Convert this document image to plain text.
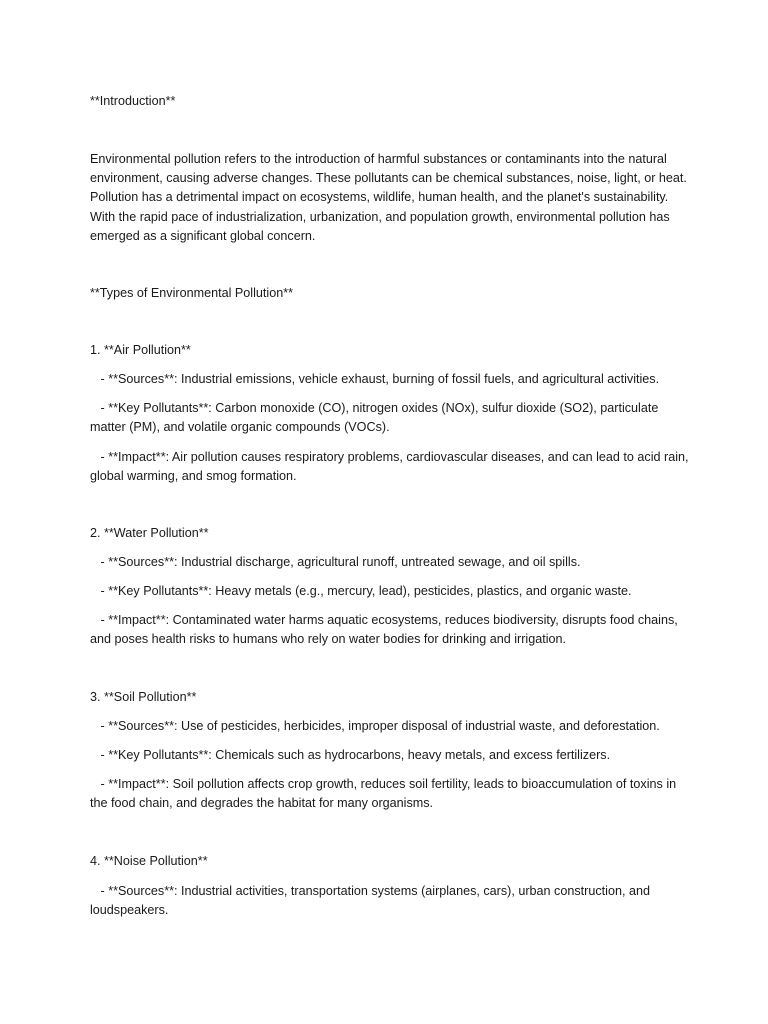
**Introduction**
Environmental pollution refers to the introduction of harmful substances or contaminants into the natural environment, causing adverse changes. These pollutants can be chemical substances, noise, light, or heat. Pollution has a detrimental impact on ecosystems, wildlife, human health, and the planet's sustainability. With the rapid pace of industrialization, urbanization, and population growth, environmental pollution has emerged as a significant global concern.
**Types of Environmental Pollution**
1. **Air Pollution**
- **Sources**: Industrial emissions, vehicle exhaust, burning of fossil fuels, and agricultural activities.
- **Key Pollutants**: Carbon monoxide (CO), nitrogen oxides (NOx), sulfur dioxide (SO2), particulate matter (PM), and volatile organic compounds (VOCs).
- **Impact**: Air pollution causes respiratory problems, cardiovascular diseases, and can lead to acid rain, global warming, and smog formation.
2. **Water Pollution**
- **Sources**: Industrial discharge, agricultural runoff, untreated sewage, and oil spills.
- **Key Pollutants**: Heavy metals (e.g., mercury, lead), pesticides, plastics, and organic waste.
- **Impact**: Contaminated water harms aquatic ecosystems, reduces biodiversity, disrupts food chains, and poses health risks to humans who rely on water bodies for drinking and irrigation.
3. **Soil Pollution**
- **Sources**: Use of pesticides, herbicides, improper disposal of industrial waste, and deforestation.
- **Key Pollutants**: Chemicals such as hydrocarbons, heavy metals, and excess fertilizers.
- **Impact**: Soil pollution affects crop growth, reduces soil fertility, leads to bioaccumulation of toxins in the food chain, and degrades the habitat for many organisms.
4. **Noise Pollution**
- **Sources**: Industrial activities, transportation systems (airplanes, cars), urban construction, and loudspeakers.
